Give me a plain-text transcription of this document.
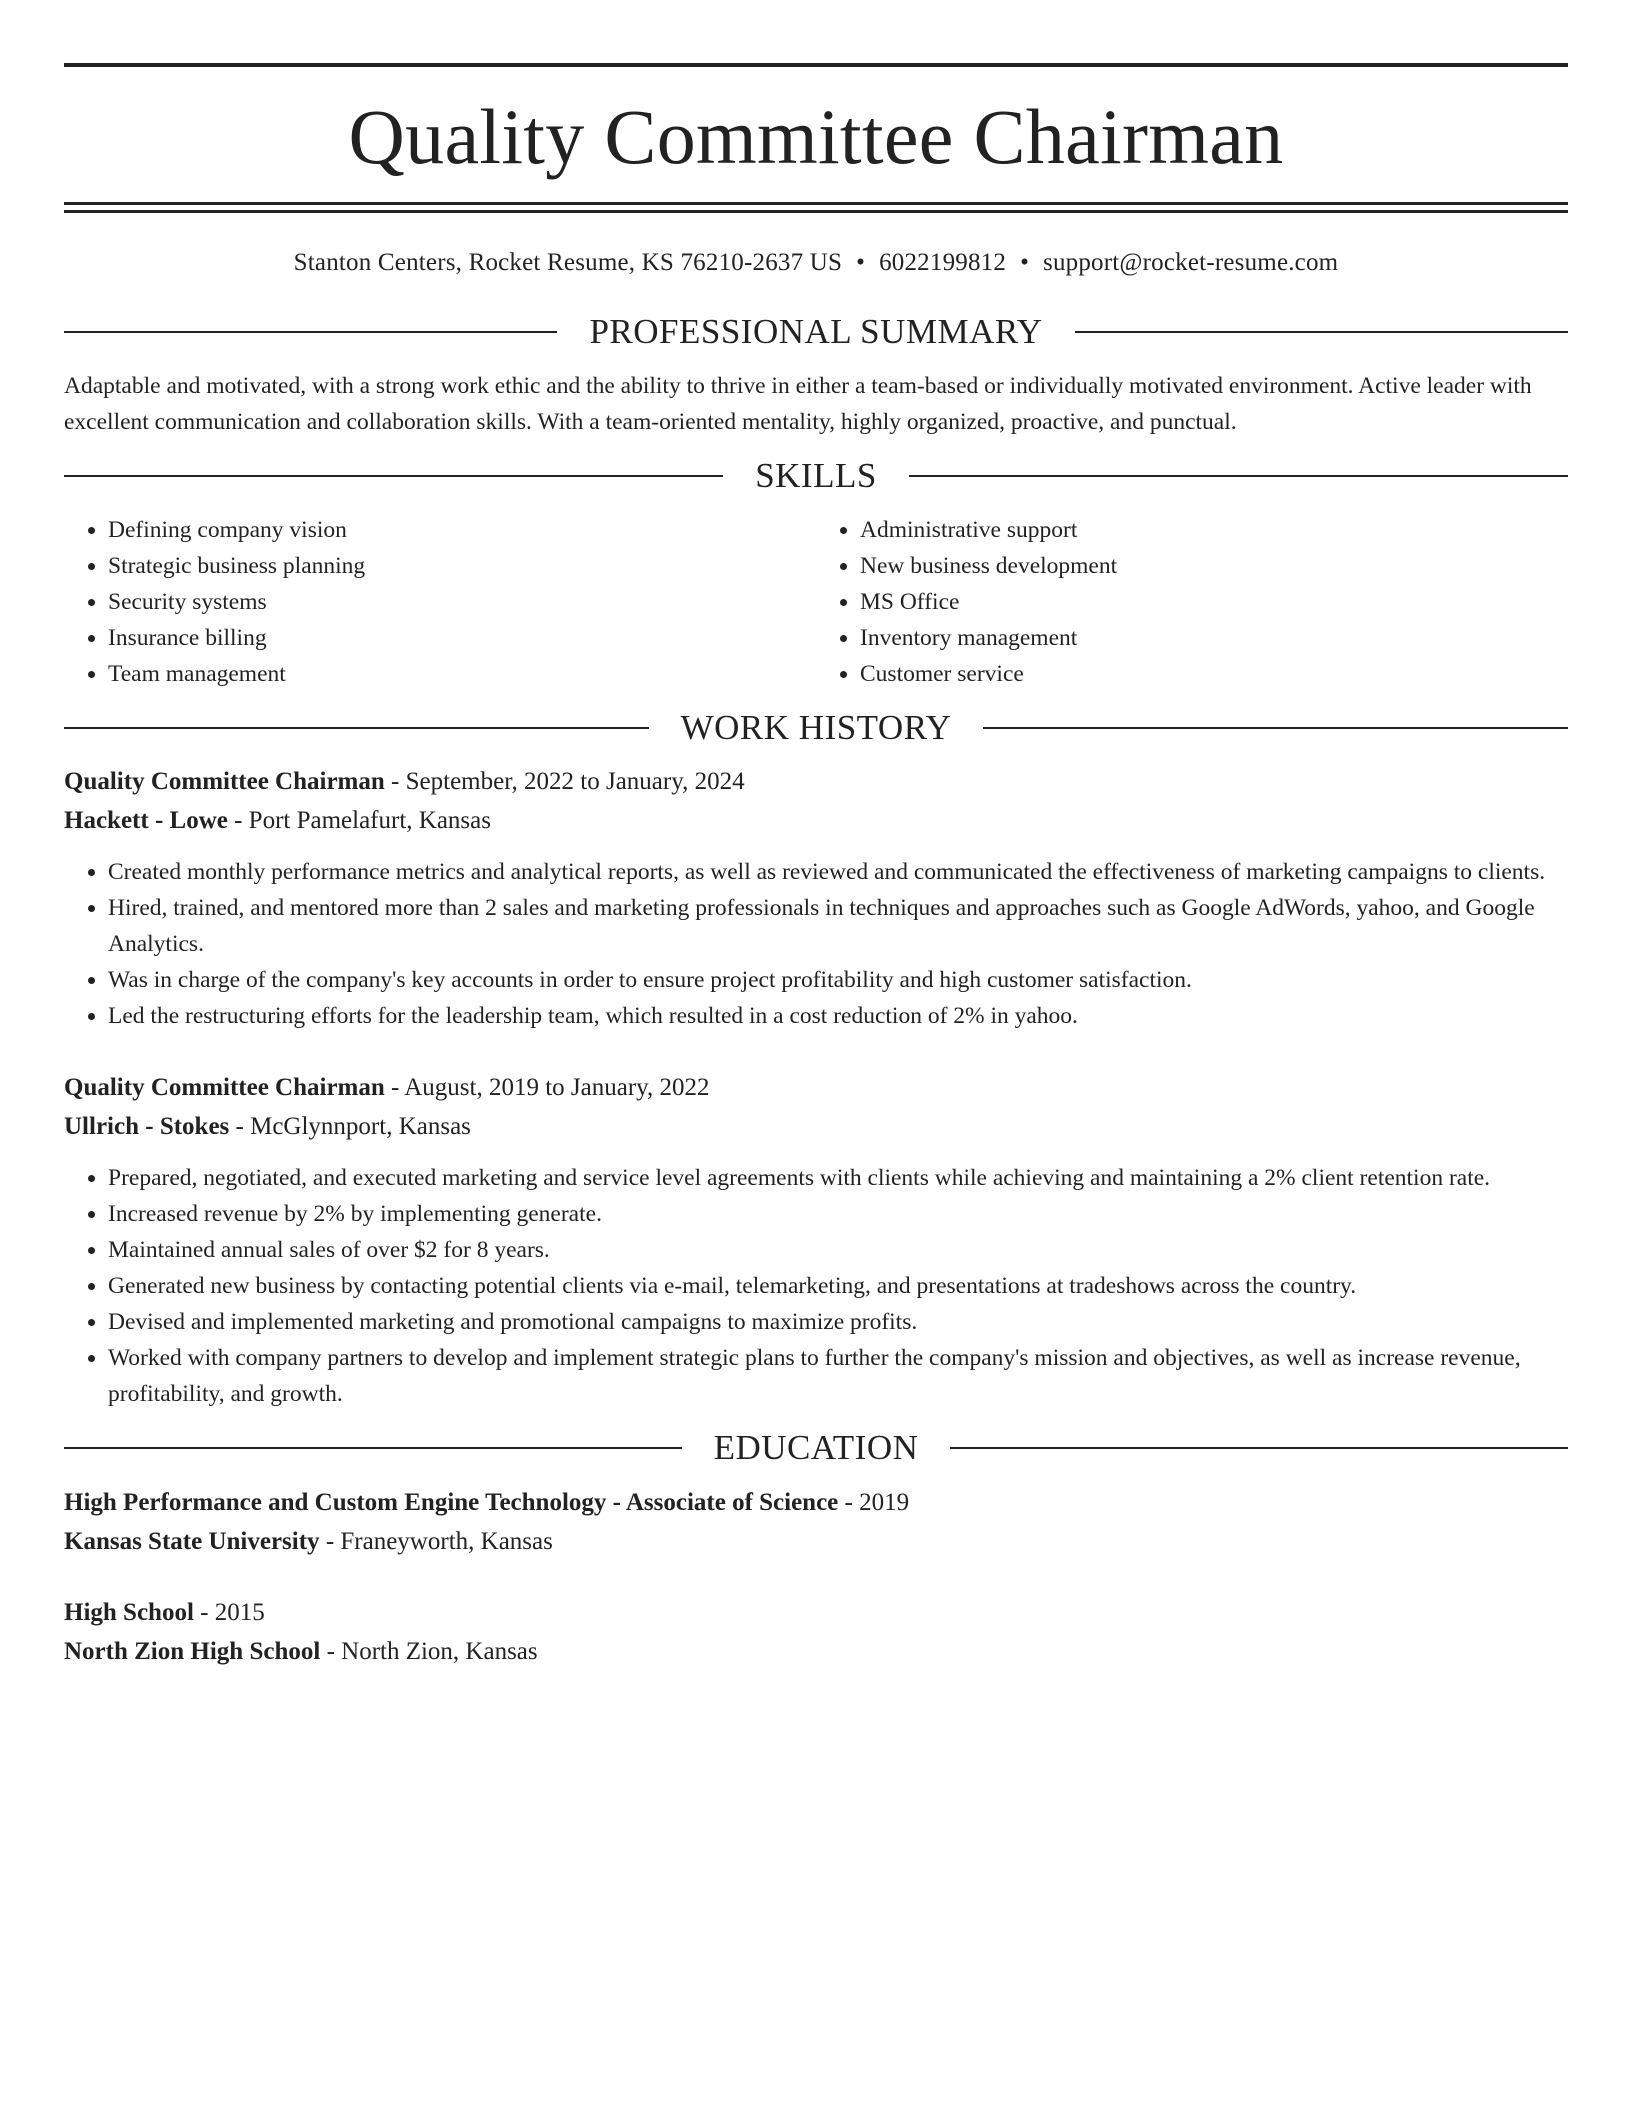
Quality Committee Chairman
Stanton Centers, Rocket Resume, KS 76210-2637 US • 6022199812 • support@rocket-resume.com
PROFESSIONAL SUMMARY

Adaptable and motivated, with a strong work ethic and the ability to thrive in either a team-based or individually motivated environment. Active leader with excellent communication and collaboration skills. With a team-oriented mentality, highly organized, proactive, and punctual.

SKILLS
• Defining company vision
• Strategic business planning
• Security systems
• Insurance billing
• Team management
• Administrative support
• New business development
• MS Office
• Inventory management
• Customer service
WORK HISTORY
Quality Committee Chairman - September, 2022 to January, 2024
Hackett - Lowe - Port Pamelafurt, Kansas
• Created monthly performance metrics and analytical reports, as well as reviewed and communicated the effectiveness of marketing campaigns to clients.
• Hired, trained, and mentored more than 2 sales and marketing professionals in techniques and approaches such as Google AdWords, yahoo, and Google Analytics.
• Was in charge of the company's key accounts in order to ensure project profitability and high customer satisfaction.
• Led the restructuring efforts for the leadership team, which resulted in a cost reduction of 2% in yahoo.
Quality Committee Chairman - August, 2019 to January, 2022
Ullrich - Stokes - McGlynnport, Kansas
• Prepared, negotiated, and executed marketing and service level agreements with clients while achieving and maintaining a 2% client retention rate.
• Increased revenue by 2% by implementing generate.
• Maintained annual sales of over $2 for 8 years.
• Generated new business by contacting potential clients via e-mail, telemarketing, and presentations at tradeshows across the country.
• Devised and implemented marketing and promotional campaigns to maximize profits.
• Worked with company partners to develop and implement strategic plans to further the company's mission and objectives, as well as increase revenue, profitability, and growth.
EDUCATION
High Performance and Custom Engine Technology - Associate of Science - 2019
Kansas State University - Franeyworth, Kansas
High School - 2015
North Zion High School - North Zion, Kansas
